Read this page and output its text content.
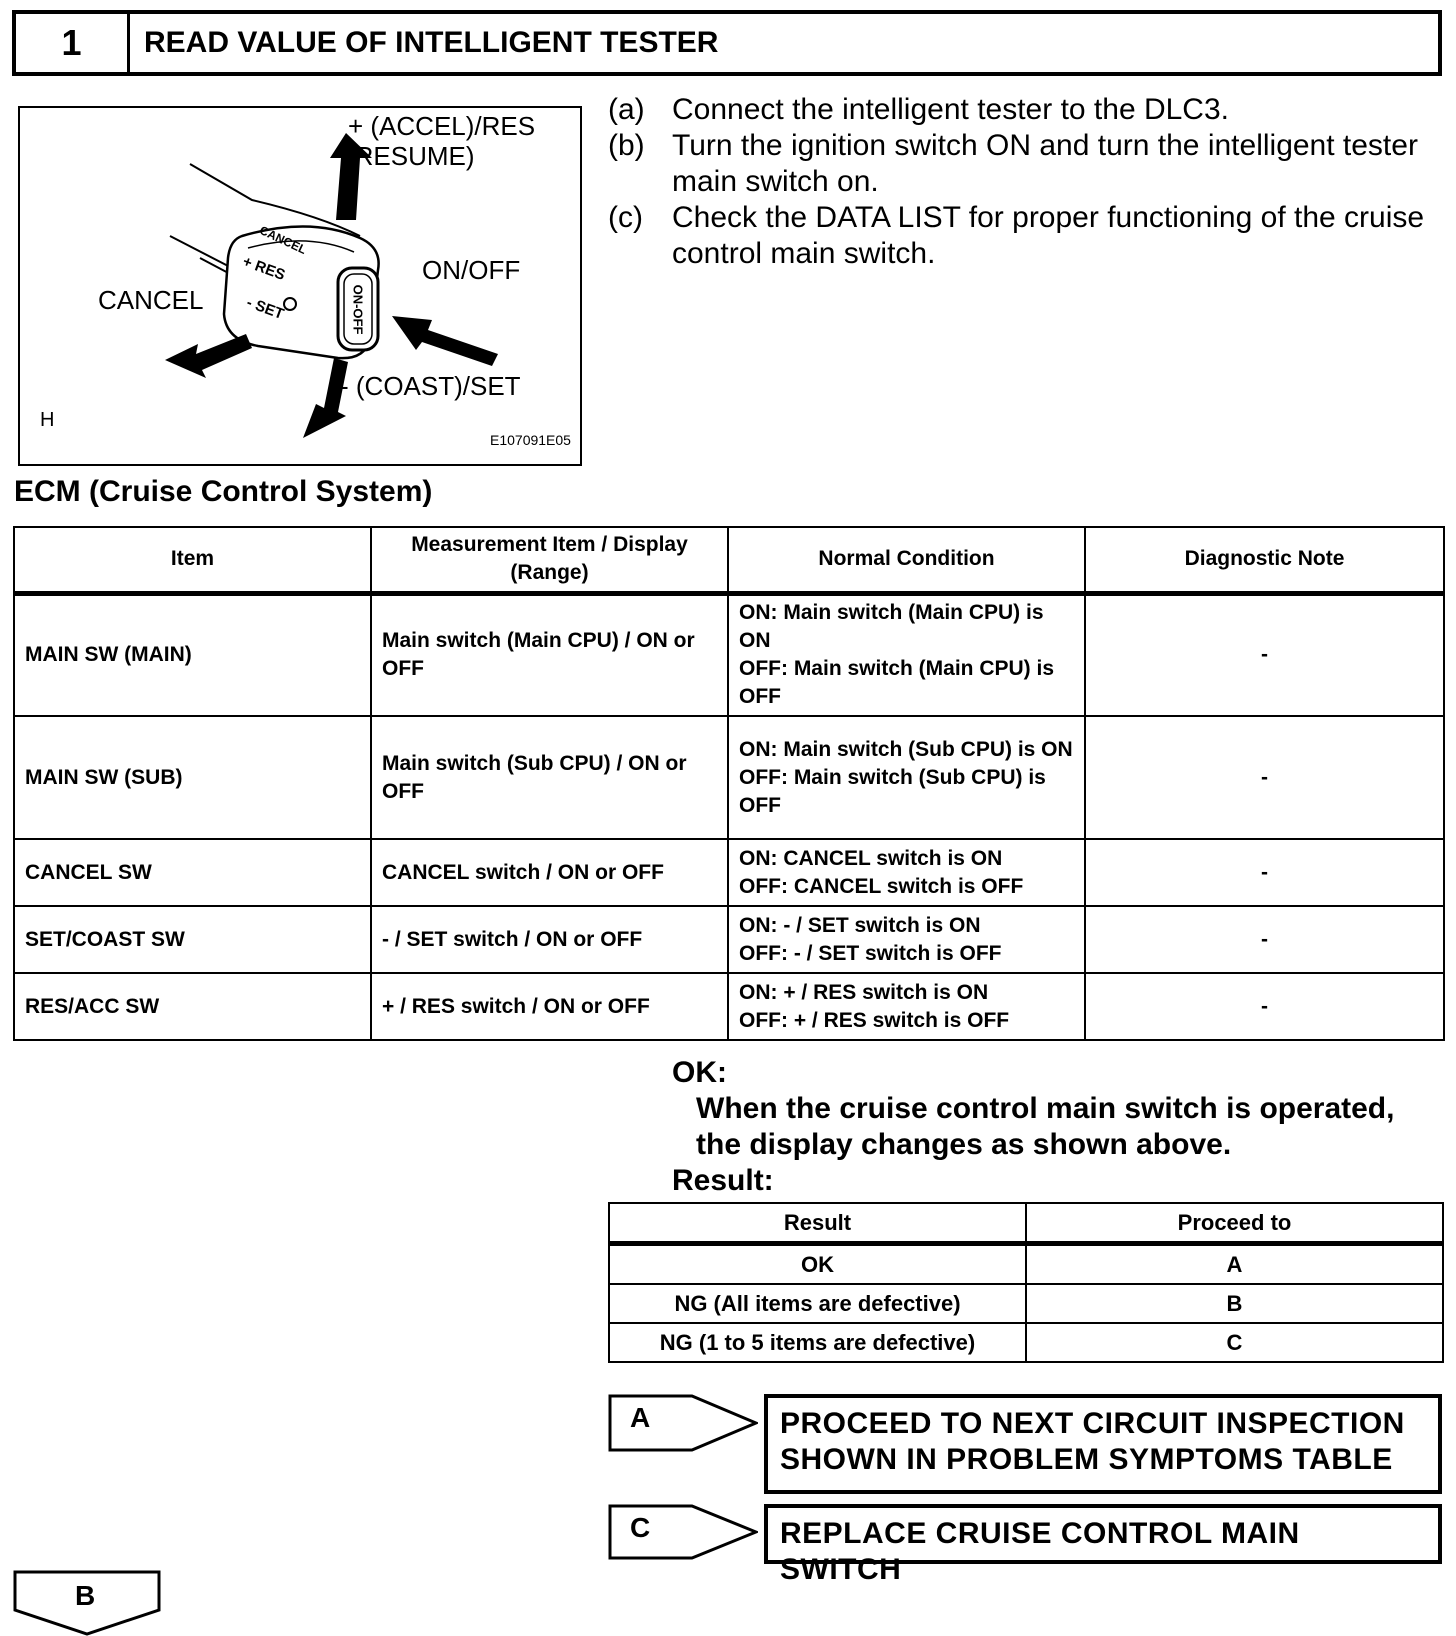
1	READ VALUE OF INTELLIGENT TESTER
+ (ACCEL)/RES
(RESUME)
ON/OFF
CANCEL
- (COAST)/SET
H
E107091E05
CANCEL
+ RES
- SET	ON-OFF
(a) Connect the intelligent tester to the DLC3.
(b) Turn the ignition switch ON and turn the intelligent tester main switch on.
(c) Check the DATA LIST for proper functioning of the cruise control main switch.
ECM (Cruise Control System)
Item	Measurement Item / Display (Range)	Normal Condition	Diagnostic Note
MAIN SW (MAIN)	Main switch (Main CPU) / ON or OFF	ON: Main switch (Main CPU) is ON
OFF: Main switch (Main CPU) is OFF	-
MAIN SW (SUB)	Main switch (Sub CPU) / ON or OFF	ON: Main switch (Sub CPU) is ON
OFF: Main switch (Sub CPU) is OFF	-
CANCEL SW	CANCEL switch / ON or OFF	ON: CANCEL switch is ON
OFF: CANCEL switch is OFF	-
SET/COAST SW	- / SET switch / ON or OFF	ON: - / SET switch is ON
OFF: - / SET switch is OFF	-
RES/ACC SW	+ / RES switch / ON or OFF	ON: + / RES switch is ON
OFF: + / RES switch is OFF	-
OK:
When the cruise control main switch is operated,
the display changes as shown above.
Result:
Result	Proceed to
OK	A
NG (All items are defective)	B
NG (1 to 5 items are defective)	C
A	PROCEED TO NEXT CIRCUIT INSPECTION
SHOWN IN PROBLEM SYMPTOMS TABLE
C	REPLACE CRUISE CONTROL MAIN SWITCH
B
